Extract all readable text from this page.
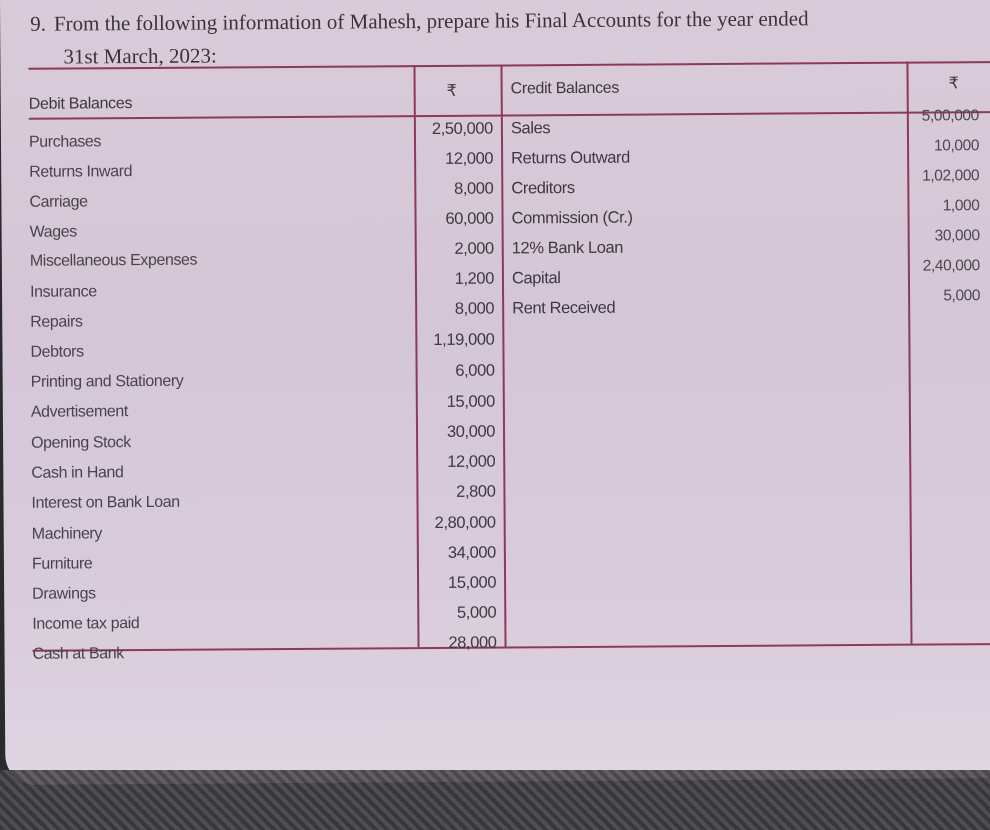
9. From the following information of Mahesh, prepare his Final Accounts for the year ended
31st March, 2023:
Debit Balances
₹	Credit Balances	₹
Purchases
2,50,000
Returns Inward
12,000
Carriage
8,000
Wages
60,000
Miscellaneous Expenses
2,000
Insurance
1,200
Repairs
8,000
Debtors
1,19,000
Printing and Stationery
6,000
Advertisement
15,000
Opening Stock
30,000
Cash in Hand
12,000
Interest on Bank Loan
2,800
Machinery
2,80,000
Furniture
34,000
Drawings
15,000
Income tax paid
5,000
Cash at Bank
28,000
Sales
5,00,000
Returns Outward
10,000
Creditors
1,02,000
Commission (Cr.)
1,000
12% Bank Loan
30,000
Capital
2,40,000
Rent Received
5,000
